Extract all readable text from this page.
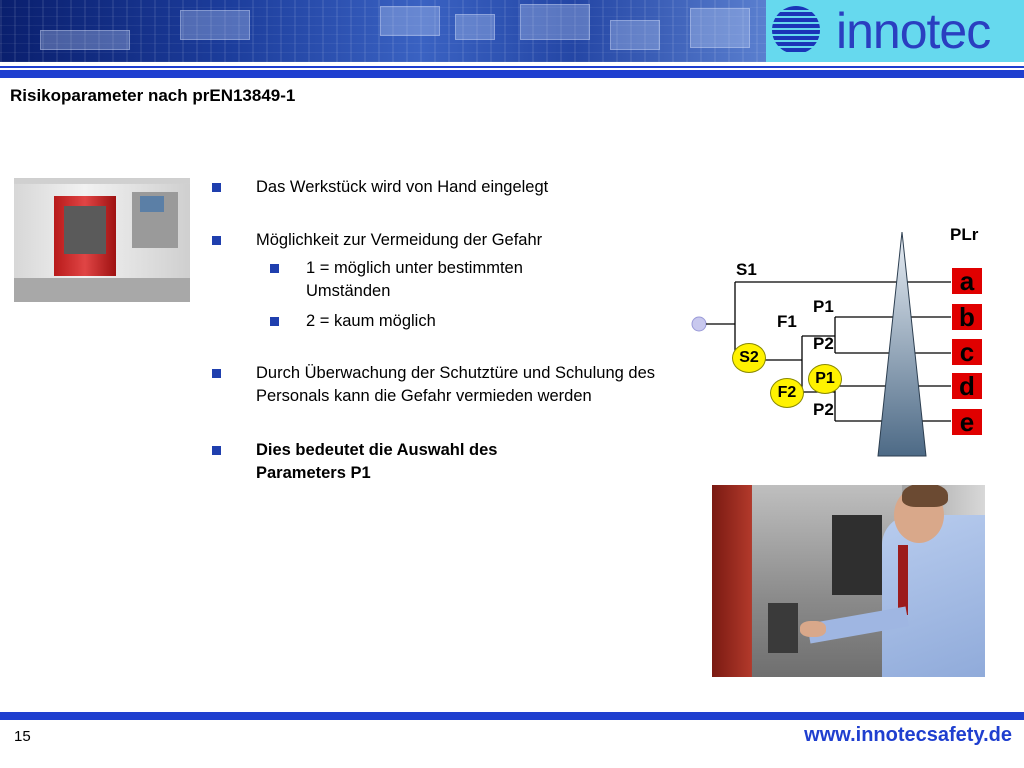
innotec
Risikoparameter nach prEN13849-1
Das Werkstück wird von Hand eingelegt
Möglichkeit zur Vermeidung der Gefahr
1 = möglich unter bestimmten Umständen
2 = kaum möglich
Durch Überwachung der Schutztüre und Schulung des Personals kann die Gefahr vermieden werden
Dies bedeutet die Auswahl des Parameters P1
PLr
S1
F1
P1
P2
P2
S2
F2
P1
a
b
c
d
e
15	www.innotecsafety.de
